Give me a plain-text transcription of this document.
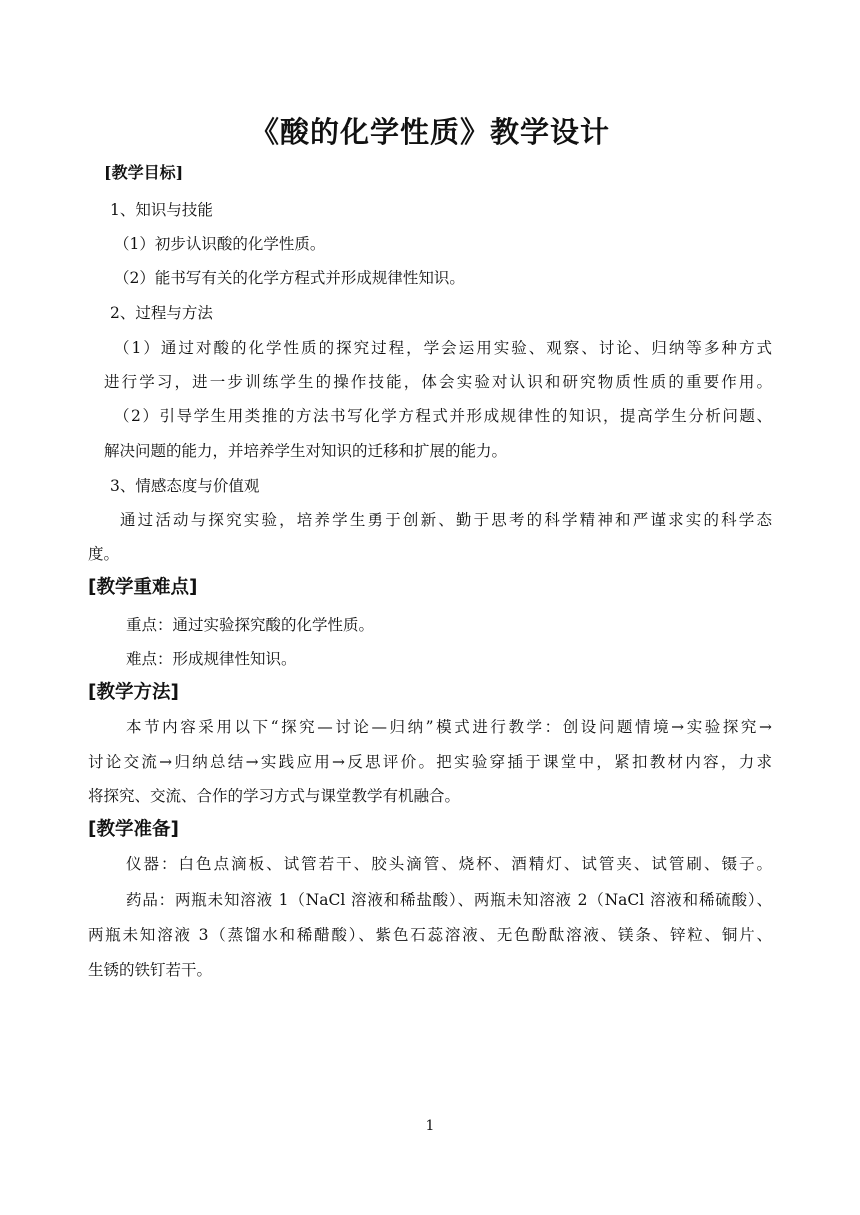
《酸的化学性质》教学设计
[教学目标]
1、知识与技能
（1）初步认识酸的化学性质。
（2）能书写有关的化学方程式并形成规律性知识。
2、过程与方法
（1）通过对酸的化学性质的探究过程，学会运用实验、观察、讨论、归纳等多种方式
进行学习，进一步训练学生的操作技能，体会实验对认识和研究物质性质的重要作用。
（2）引导学生用类推的方法书写化学方程式并形成规律性的知识，提高学生分析问题、
解决问题的能力，并培养学生对知识的迁移和扩展的能力。
3、情感态度与价值观
通过活动与探究实验，培养学生勇于创新、勤于思考的科学精神和严谨求实的科学态
度。
[教学重难点]
重点：通过实验探究酸的化学性质。
难点：形成规律性知识。
[教学方法]
本节内容采用以下“探究—讨论—归纳”模式进行教学：创设问题情境→实验探究→
讨论交流→归纳总结→实践应用→反思评价。把实验穿插于课堂中，紧扣教材内容，力求
将探究、交流、合作的学习方式与课堂教学有机融合。
[教学准备]
仪器：白色点滴板、试管若干、胶头滴管、烧杯、酒精灯、试管夹、试管刷、镊子。
药品：两瓶未知溶液 1（NaCl 溶液和稀盐酸）、两瓶未知溶液 2（NaCl 溶液和稀硫酸）、
两瓶未知溶液 3（蒸馏水和稀醋酸）、紫色石蕊溶液、无色酚酞溶液、镁条、锌粒、铜片、
生锈的铁钉若干。
1
